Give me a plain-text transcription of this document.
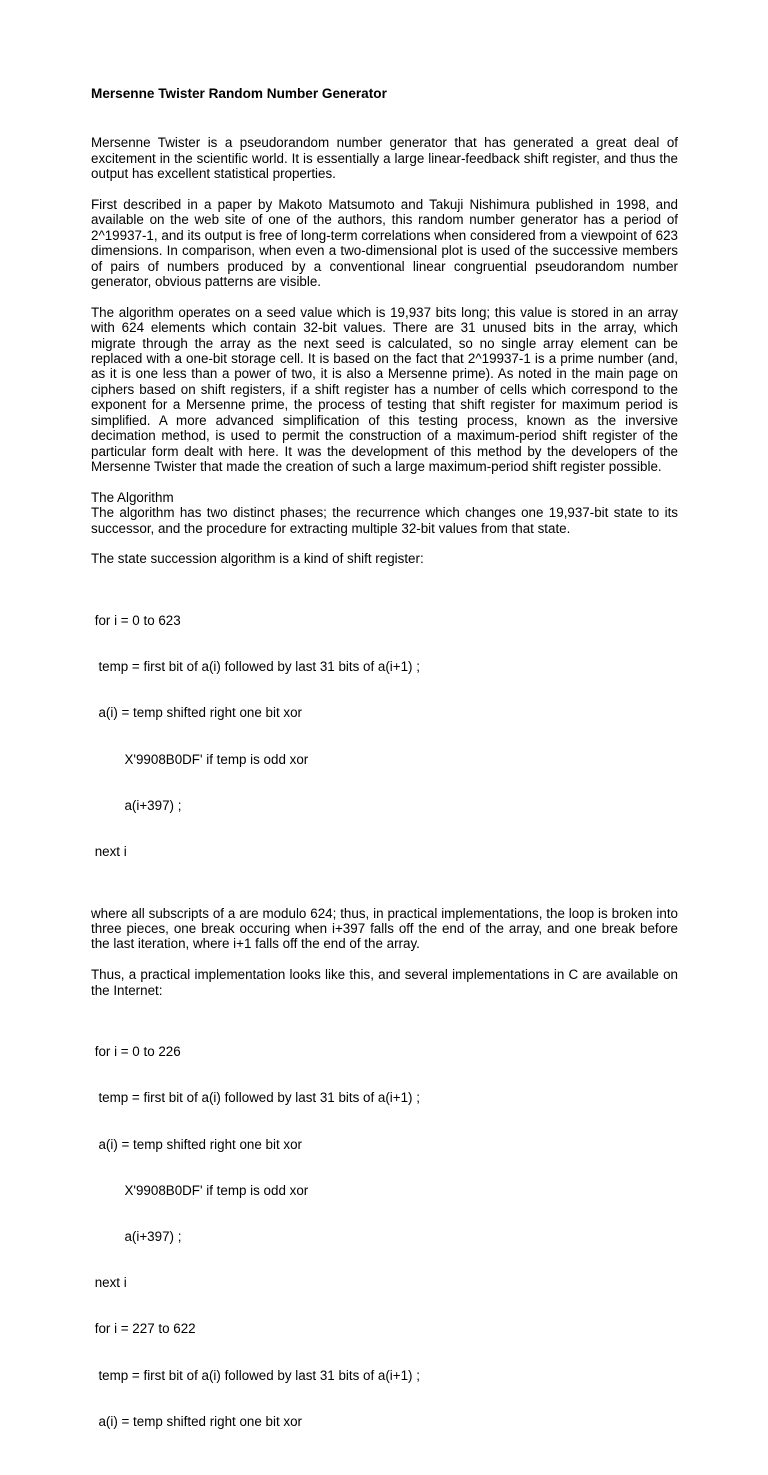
Mersenne Twister Random Number Generator
Mersenne Twister is a pseudorandom number generator that has generated a great deal of excitement in the scientific world. It is essentially a large linear-feedback shift register, and thus the output has excellent statistical properties.
First described in a paper by Makoto Matsumoto and Takuji Nishimura published in 1998, and available on the web site of one of the authors, this random number generator has a period of 2^19937-1, and its output is free of long-term correlations when considered from a viewpoint of 623 dimensions. In comparison, when even a two-dimensional plot is used of the successive members of pairs of numbers produced by a conventional linear congruential pseudorandom number generator, obvious patterns are visible.
The algorithm operates on a seed value which is 19,937 bits long; this value is stored in an array with 624 elements which contain 32-bit values. There are 31 unused bits in the array, which migrate through the array as the next seed is calculated, so no single array element can be replaced with a one-bit storage cell. It is based on the fact that 2^19937-1 is a prime number (and, as it is one less than a power of two, it is also a Mersenne prime). As noted in the main page on ciphers based on shift registers, if a shift register has a number of cells which correspond to the exponent for a Mersenne prime, the process of testing that shift register for maximum period is simplified. A more advanced simplification of this testing process, known as the inversive decimation method, is used to permit the construction of a maximum-period shift register of the particular form dealt with here. It was the development of this method by the developers of the Mersenne Twister that made the creation of such a large maximum-period shift register possible.
The Algorithm
The algorithm has two distinct phases; the recurrence which changes one 19,937-bit state to its successor, and the procedure for extracting multiple 32-bit values from that state.
The state succession algorithm is a kind of shift register:

for i = 0 to 623

temp = first bit of a(i) followed by last 31 bits of a(i+1) ;

a(i) = temp shifted right one bit xor

X'9908B0DF' if temp is odd xor

a(i+397) ;

next i

where all subscripts of a are modulo 624; thus, in practical implementations, the loop is broken into three pieces, one break occuring when i+397 falls off the end of the array, and one break before the last iteration, where i+1 falls off the end of the array.
Thus, a practical implementation looks like this, and several implementations in C are available on the Internet:

for i = 0 to 226

temp = first bit of a(i) followed by last 31 bits of a(i+1) ;

a(i) = temp shifted right one bit xor

X'9908B0DF' if temp is odd xor

a(i+397) ;

next i

for i = 227 to 622

temp = first bit of a(i) followed by last 31 bits of a(i+1) ;

a(i) = temp shifted right one bit xor
